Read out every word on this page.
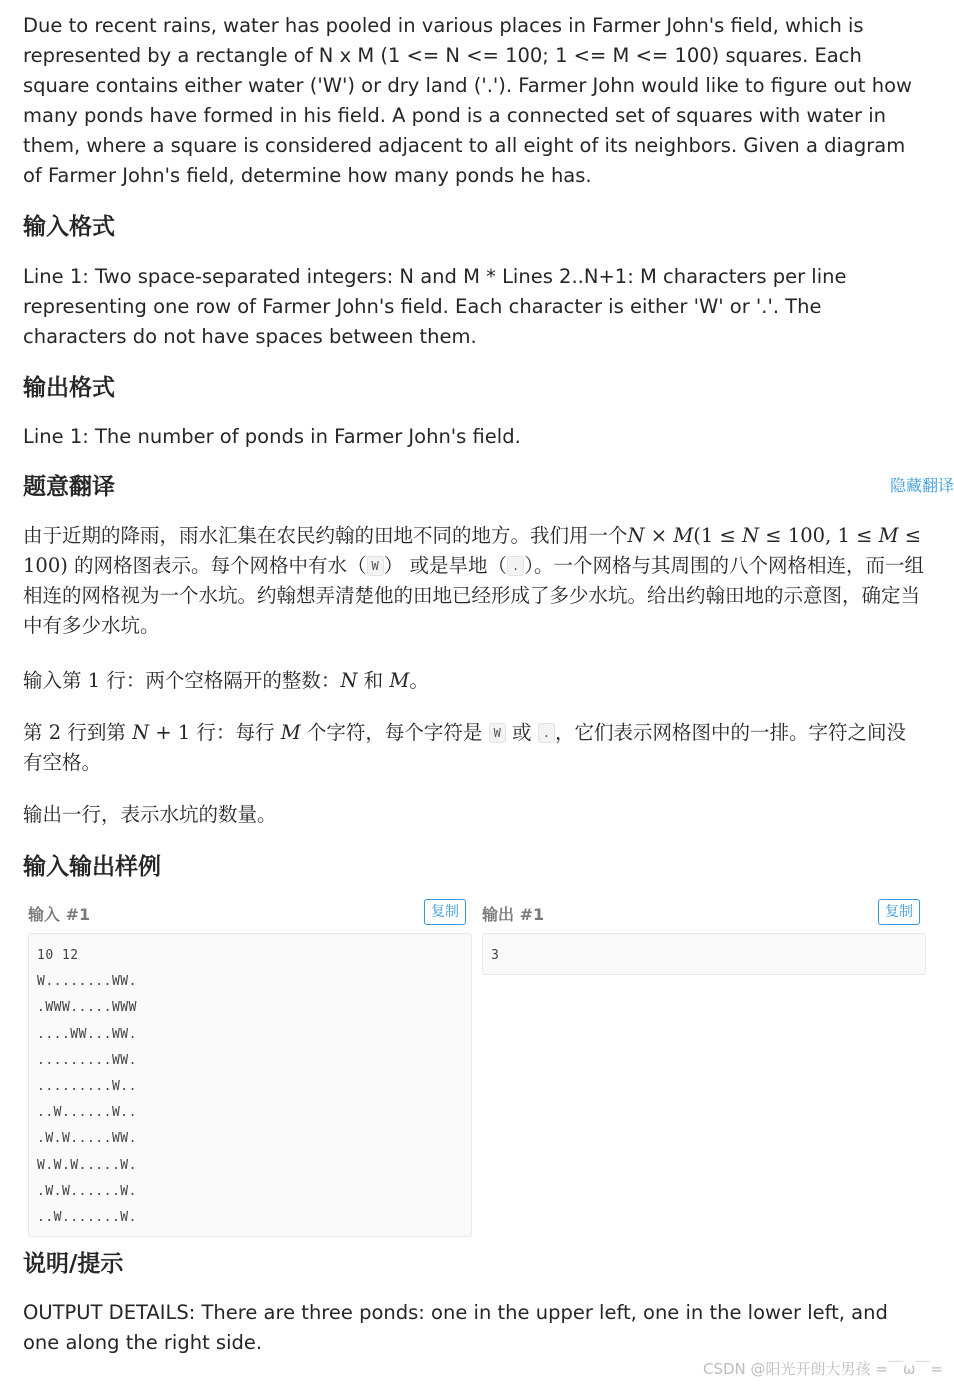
Due to recent rains, water has pooled in various places in Farmer John's field, which is represented by a rectangle of N x M (1 <= N <= 100; 1 <= M <= 100) squares. Each square contains either water ('W') or dry land ('.'). Farmer John would like to figure out how many ponds have formed in his field. A pond is a connected set of squares with water in them, where a square is considered adjacent to all eight of its neighbors. Given a diagram of Farmer John's field, determine how many ponds he has.

输入格式

Line 1: Two space-separated integers: N and M * Lines 2..N+1: M characters per line representing one row of Farmer John's field. Each character is either 'W' or '.'. The characters do not have spaces between them.

输出格式

Line 1: The number of ponds in Farmer John's field.

题意翻译	隐藏翻译

由于近期的降雨，雨水汇集在农民约翰的田地不同的地方。我们用一个N × M(1 ≤ N ≤ 100, 1 ≤ M ≤ 100) 的网格图表示。每个网格中有水（ W ） 或是旱地（ . ）。一个网格与其周围的八个网格相连，而一组相连的网格视为一个水坑。约翰想弄清楚他的田地已经形成了多少水坑。给出约翰田地的示意图，确定当中有多少水坑。

输入第 1 行：两个空格隔开的整数：N 和 M。

第 2 行到第 N + 1 行：每行 M 个字符，每个字符是 W 或 . ，它们表示网格图中的一排。字符之间没有空格。

输出一行，表示水坑的数量。

输入输出样例
输入 #1	复制
10 12
W........WW.
.WWW.....WWW
....WW...WW.
.........WW.
.........W..
..W......W..
.W.W.....WW.
W.W.W.....W.
.W.W......W.
..W.......W.
输出 #1	复制
3
说明/提示

OUTPUT DETAILS: There are three ponds: one in the upper left, one in the lower left, and one along the right side.

CSDN @阳光开朗大男孩 =￣ω￣=
